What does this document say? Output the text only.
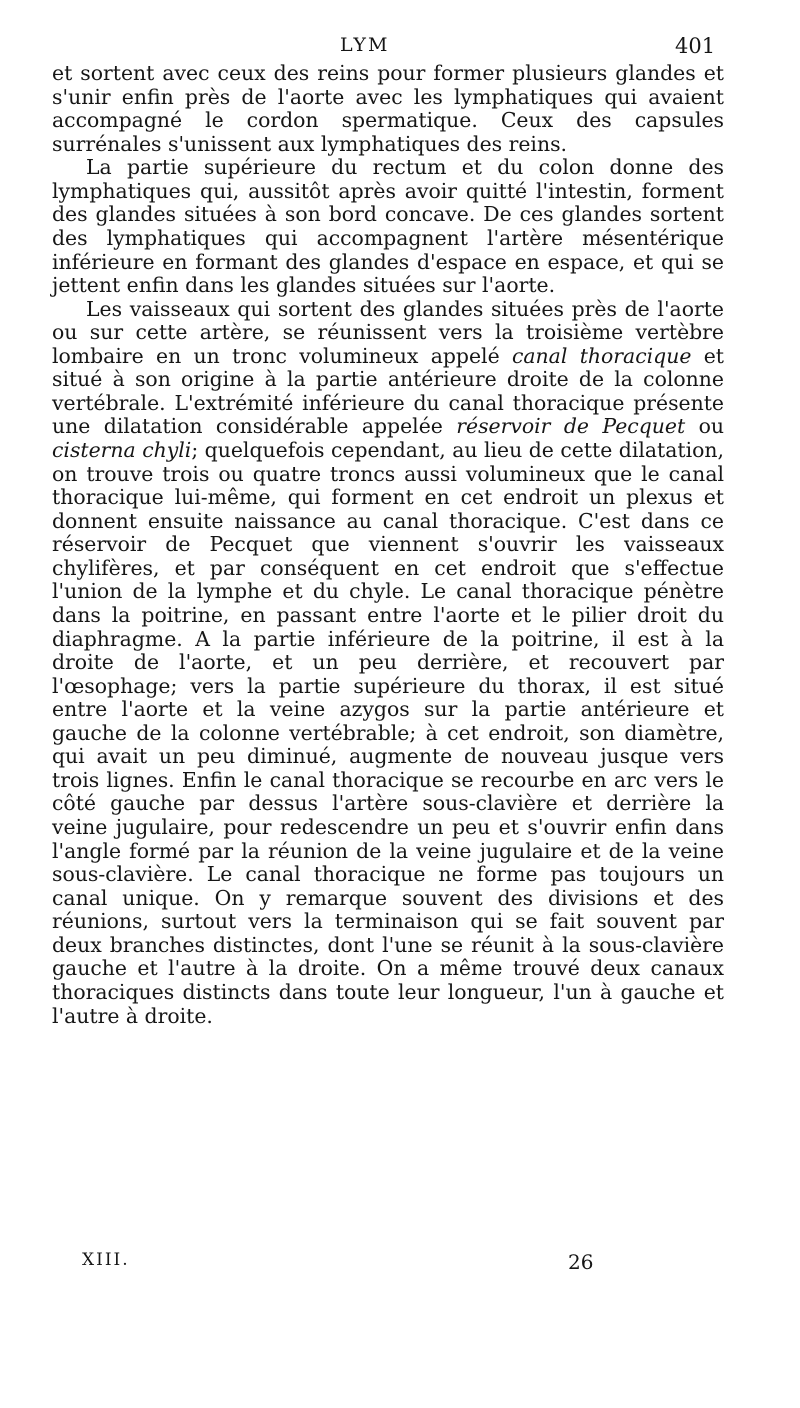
LYM	401

et sortent avec ceux des reins pour former plusieurs glandes et s'unir enfin près de l'aorte avec les lymphatiques qui avaient accompagné le cordon spermatique. Ceux des capsules surrénales s'unissent aux lymphatiques des reins.

La partie supérieure du rectum et du colon donne des lymphatiques qui, aussitôt après avoir quitté l'intestin, forment des glandes situées à son bord concave. De ces glandes sortent des lymphatiques qui accompagnent l'artère mésentérique inférieure en formant des glandes d'espace en espace, et qui se jettent enfin dans les glandes situées sur l'aorte.

Les vaisseaux qui sortent des glandes situées près de l'aorte ou sur cette artère, se réunissent vers la troisième vertèbre lombaire en un tronc volumineux appelé canal thoracique et situé à son origine à la partie antérieure droite de la colonne vertébrale. L'extrémité inférieure du canal thoracique présente une dilatation considérable appelée réservoir de Pecquet ou cisterna chyli; quelquefois cependant, au lieu de cette dilatation, on trouve trois ou quatre troncs aussi volumineux que le canal thoracique lui-même, qui forment en cet endroit un plexus et donnent ensuite naissance au canal thoracique. C'est dans ce réservoir de Pecquet que viennent s'ouvrir les vaisseaux chylifères, et par conséquent en cet endroit que s'effectue l'union de la lymphe et du chyle. Le canal thoracique pénètre dans la poitrine, en passant entre l'aorte et le pilier droit du diaphragme. A la partie inférieure de la poitrine, il est à la droite de l'aorte, et un peu derrière, et recouvert par l'œsophage; vers la partie supérieure du thorax, il est situé entre l'aorte et la veine azygos sur la partie antérieure et gauche de la colonne vertébrable; à cet endroit, son diamètre, qui avait un peu diminué, augmente de nouveau jusque vers trois lignes. Enfin le canal thoracique se recourbe en arc vers le côté gauche par dessus l'artère sous-clavière et derrière la veine jugulaire, pour redescendre un peu et s'ouvrir enfin dans l'angle formé par la réunion de la veine jugulaire et de la veine sous-clavière. Le canal thoracique ne forme pas toujours un canal unique. On y remarque souvent des divisions et des réunions, surtout vers la terminaison qui se fait souvent par deux branches distinctes, dont l'une se réunit à la sous-clavière gauche et l'autre à la droite. On a même trouvé deux canaux thoraciques distincts dans toute leur longueur, l'un à gauche et l'autre à droite.

XIII.	26
